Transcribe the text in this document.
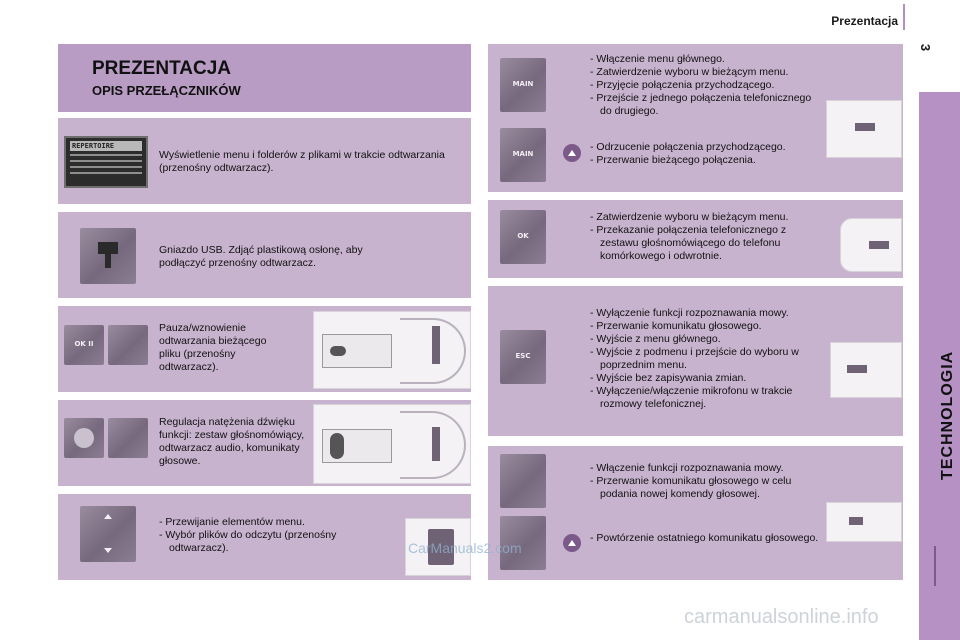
Prezentacja
3
PREZENTACJA
OPIS PRZEŁĄCZNIKÓW
REPERTOIRE
Wyświetlenie menu i folderów z plikami w trakcie odtwarzania (przenośny odtwarzacz).
Gniazdo USB. Zdjąć plastikową osłonę, aby podłączyć przenośny odtwarzacz.
OK II
Pauza/wznowienie odtwarzania bieżącego pliku (przenośny odtwarzacz).
Regulacja natężenia dźwięku funkcji: zestaw głośnomówiący, odtwarzacz audio, komunikaty głosowe.
- Przewijanie elementów menu.
- Wybór plików do odczytu (przenośny odtwarzacz).
MAIN
MAIN
- Włączenie menu głównego.
- Zatwierdzenie wyboru w bieżącym menu.
- Przyjęcie połączenia przychodzącego.
- Przejście z jednego połączenia telefonicznego do drugiego.
- Odrzucenie połączenia przychodzącego.
- Przerwanie bieżącego połączenia.
OK
- Zatwierdzenie wyboru w bieżącym menu.
- Przekazanie połączenia telefonicznego z zestawu głośnomówiącego do telefonu komórkowego i odwrotnie.
ESC
- Wyłączenie funkcji rozpoznawania mowy.
- Przerwanie komunikatu głosowego.
- Wyjście z menu głównego.
- Wyjście z podmenu i przejście do wyboru w poprzednim menu.
- Wyjście bez zapisywania zmian.
- Wyłączenie/włączenie mikrofonu w trakcie rozmowy telefonicznej.
- Włączenie funkcji rozpoznawania mowy.
- Przerwanie komunikatu głosowego w celu podania nowej komendy głosowej.
- Powtórzenie ostatniego komunikatu głosowego.
CarManuals2.com
carmanualsonline.info
